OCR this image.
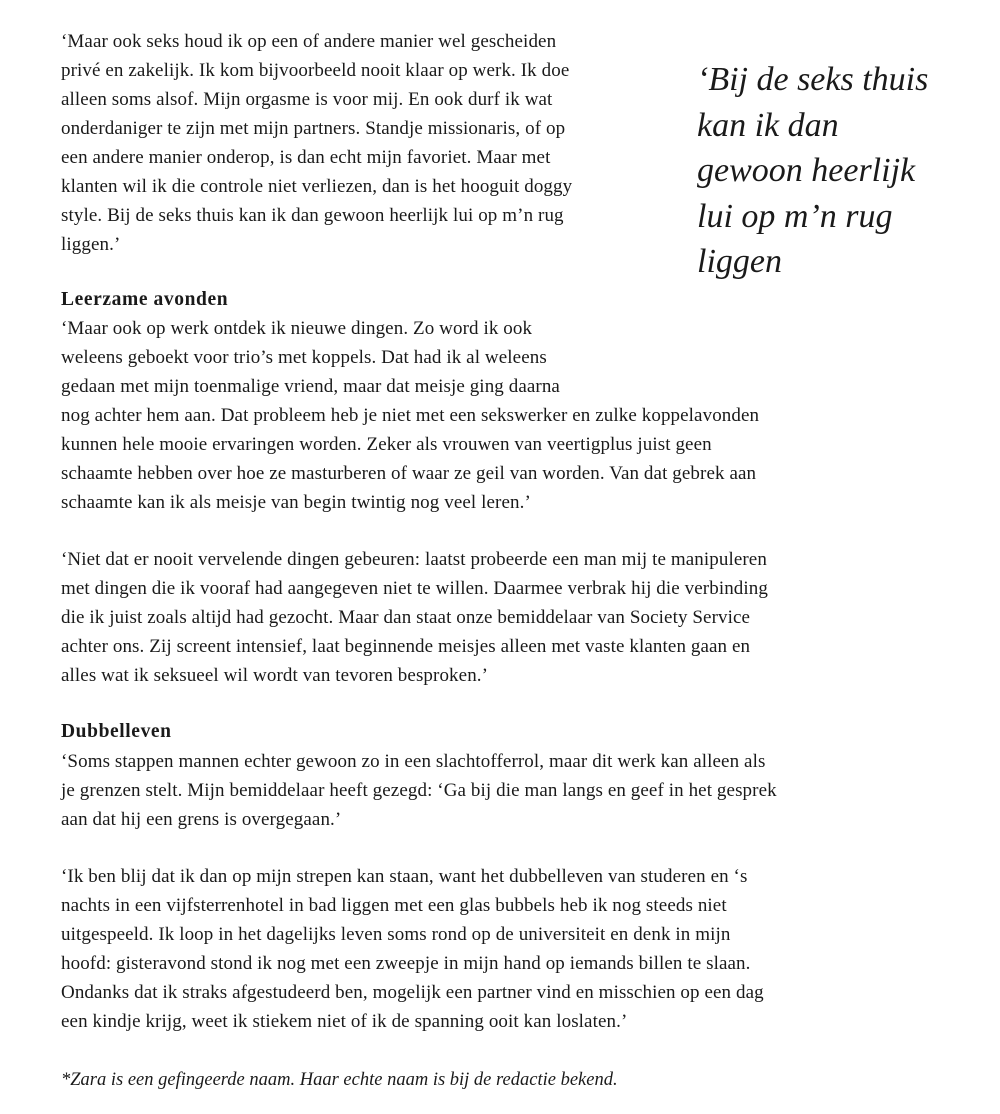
‘Bij de seks thuis
kan ik dan
gewoon heerlijk
lui op m’n rug
liggen

‘Maar ook seks houd ik op een of andere manier wel gescheiden
privé en zakelijk. Ik kom bijvoorbeeld nooit klaar op werk. Ik doe
alleen soms alsof. Mijn orgasme is voor mij. En ook durf ik wat
onderdaniger te zijn met mijn partners. Standje missionaris, of op
een andere manier onderop, is dan echt mijn favoriet. Maar met
klanten wil ik die controle niet verliezen, dan is het hooguit doggy
style. Bij de seks thuis kan ik dan gewoon heerlijk lui op m’n rug
liggen.’

Leerzame avonden

‘Maar ook op werk ontdek ik nieuwe dingen. Zo word ik ook
weleens geboekt voor trio’s met koppels. Dat had ik al weleens
gedaan met mijn toenmalige vriend, maar dat meisje ging daarna
nog achter hem aan. Dat probleem heb je niet met een sekswerker en zulke koppelavonden
kunnen hele mooie ervaringen worden. Zeker als vrouwen van veertigplus juist geen
schaamte hebben over hoe ze masturberen of waar ze geil van worden. Van dat gebrek aan
schaamte kan ik als meisje van begin twintig nog veel leren.’

‘Niet dat er nooit vervelende dingen gebeuren: laatst probeerde een man mij te manipuleren
met dingen die ik vooraf had aangegeven niet te willen. Daarmee verbrak hij die verbinding
die ik juist zoals altijd had gezocht. Maar dan staat onze bemiddelaar van Society Service
achter ons. Zij screent intensief, laat beginnende meisjes alleen met vaste klanten gaan en
alles wat ik seksueel wil wordt van tevoren besproken.’

Dubbelleven

‘Soms stappen mannen echter gewoon zo in een slachtofferrol, maar dit werk kan alleen als
je grenzen stelt. Mijn bemiddelaar heeft gezegd: ‘Ga bij die man langs en geef in het gesprek
aan dat hij een grens is overgegaan.’

‘Ik ben blij dat ik dan op mijn strepen kan staan, want het dubbelleven van studeren en ‘s
nachts in een vijfsterrenhotel in bad liggen met een glas bubbels heb ik nog steeds niet
uitgespeeld. Ik loop in het dagelijks leven soms rond op de universiteit en denk in mijn
hoofd: gisteravond stond ik nog met een zweepje in mijn hand op iemands billen te slaan.
Ondanks dat ik straks afgestudeerd ben, mogelijk een partner vind en misschien op een dag
een kindje krijg, weet ik stiekem niet of ik de spanning ooit kan loslaten.’

*Zara is een gefingeerde naam. Haar echte naam is bij de redactie bekend.
